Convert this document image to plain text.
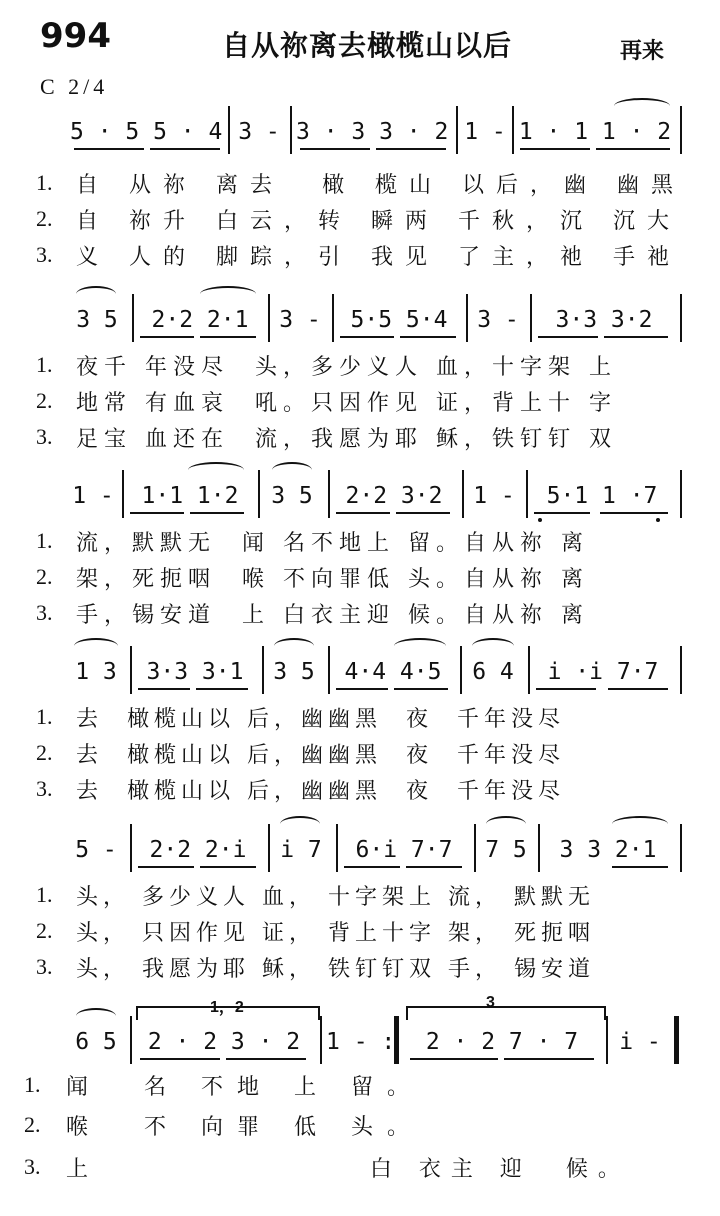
994	自从祢离去橄榄山以后	再来
C 2/4
5 · 5 5 · 4 3 - 3 · 3 3 · 2 1 - 1 · 1 1 · 2
1. 自 从祢 离去  橄 榄山 以后，幽 幽黑
2. 自 祢升 白云，转 瞬两 千秋，沉 沉大
3. 义 人的 脚踪，引 我见 了主，祂 手祂
3 5	2·2 2·1	3 -	5·5 5·4	3 -	3·3 3·2
1. 夜千 年没尽  头，多少义人 血，十字架 上
2. 地常 有血哀  吼。只因作见 证，背上十 字
3. 足宝 血还在  流，我愿为耶 稣，铁钉钉 双
1 -	1·1 1·2	3 5	2·2 3·2	1 -	5·1 1 ·7
1. 流，默默无  闻 名不地上 留。自从祢 离
2. 架，死扼咽  喉 不向罪低 头。自从祢 离
3. 手，锡安道  上 白衣主迎 候。自从祢 离
1 3	3·3 3·1	3 5	4·4 4·5	6 4	i ·i 7·7
1. 去  橄榄山以 后，幽幽黑  夜  千年没尽
2. 去  橄榄山以 后，幽幽黑  夜  千年没尽
3. 去  橄榄山以 后，幽幽黑  夜  千年没尽
5 -	2·2 2·i	i 7	6·i 7·7	7 5	3 3 2·1
1. 头， 多少义人 血， 十字架上 流， 默默无
2. 头， 只因作见 证， 背上十字 架， 死扼咽
3. 头， 我愿为耶 稣， 铁钉钉双 手， 锡安道
6 5
1，2
2 · 2 3 · 2	1 - :
3
2 · 2 7 · 7	i -
1. 闻  名 不地 上 留。
2. 喉  不 向罪 低 头。
3. 上                白 衣主 迎  候。
